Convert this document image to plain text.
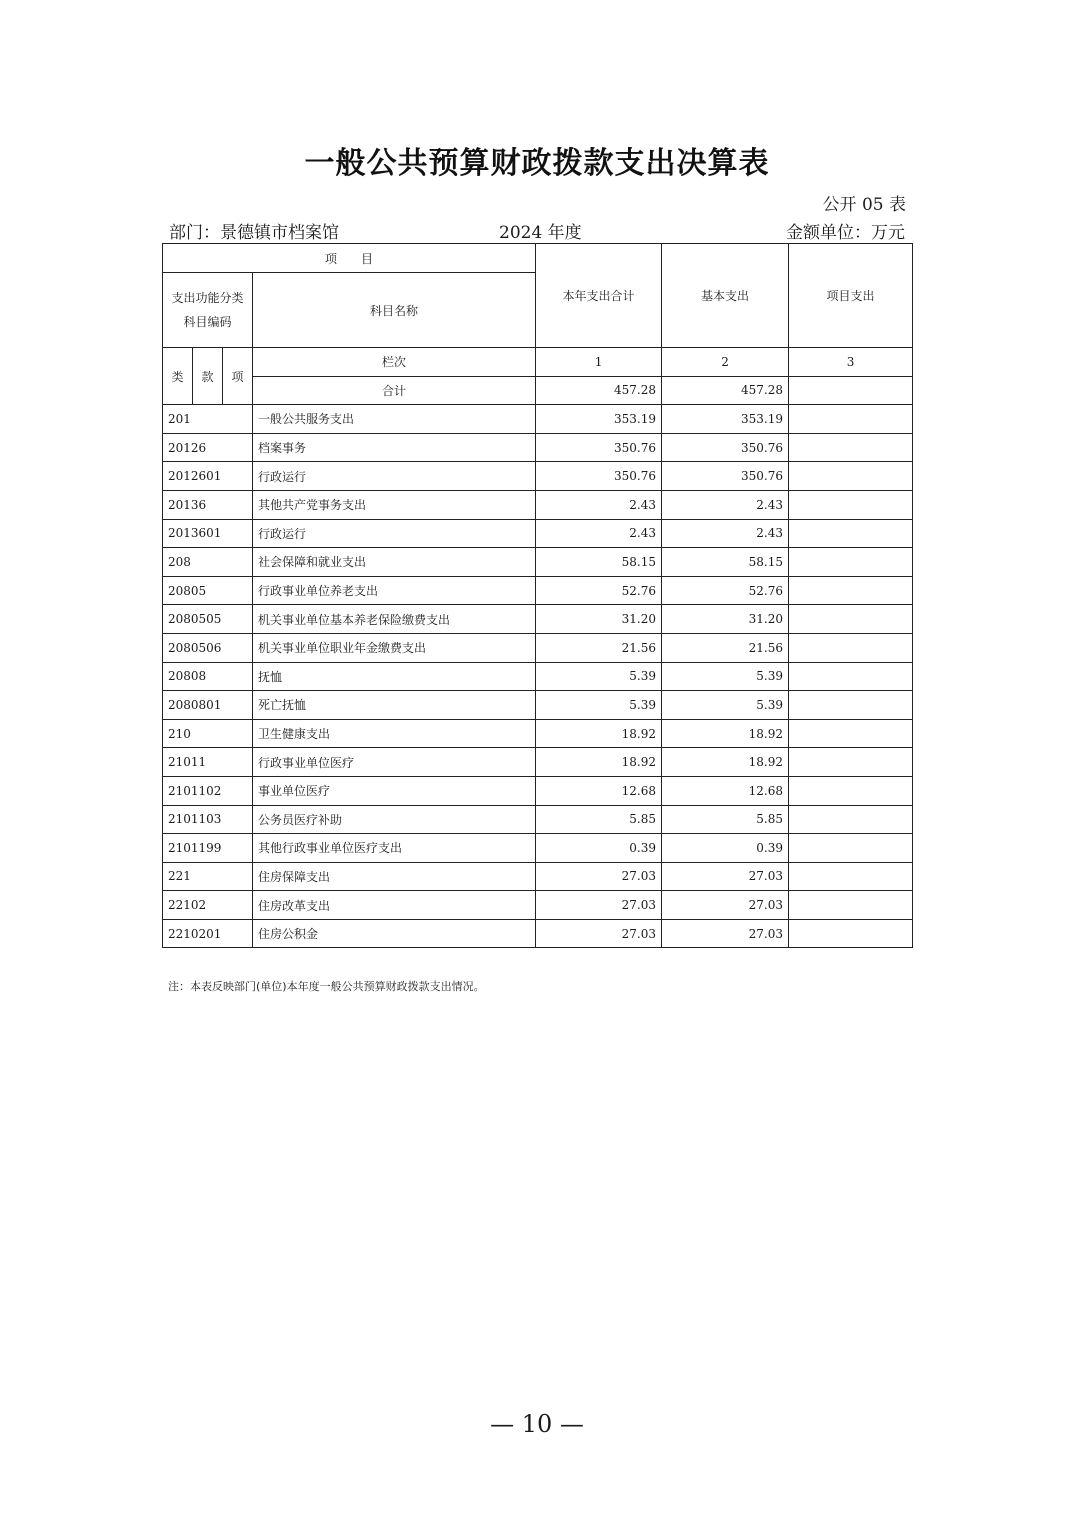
一般公共预算财政拨款支出决算表
公开 05 表
部门：景德镇市档案馆	2024 年度	金额单位：万元
项　　目				本年支出合计	基本支出	项目支出

支出功能分类
科目编码			科目名称			
类	款	项	栏次	1	2	3
			合计	457.28	457.28	
201			一般公共服务支出	353.19	353.19	
20126			档案事务	350.76	350.76	
2012601			行政运行	350.76	350.76	
20136			其他共产党事务支出	2.43	2.43	
2013601			行政运行	2.43	2.43	
208			社会保障和就业支出	58.15	58.15	
20805			行政事业单位养老支出	52.76	52.76	
2080505			机关事业单位基本养老保险缴费支出	31.20	31.20	
2080506			机关事业单位职业年金缴费支出	21.56	21.56	
20808			抚恤	5.39	5.39	
2080801			死亡抚恤	5.39	5.39	
210			卫生健康支出	18.92	18.92	
21011			行政事业单位医疗	18.92	18.92	
2101102			事业单位医疗	12.68	12.68	
2101103			公务员医疗补助	5.85	5.85	
2101199			其他行政事业单位医疗支出	0.39	0.39	
221			住房保障支出	27.03	27.03	
22102			住房改革支出	27.03	27.03	
2210201			住房公积金	27.03	27.03	
注：本表反映部门(单位)本年度一般公共预算财政拨款支出情况。
— 10 —
